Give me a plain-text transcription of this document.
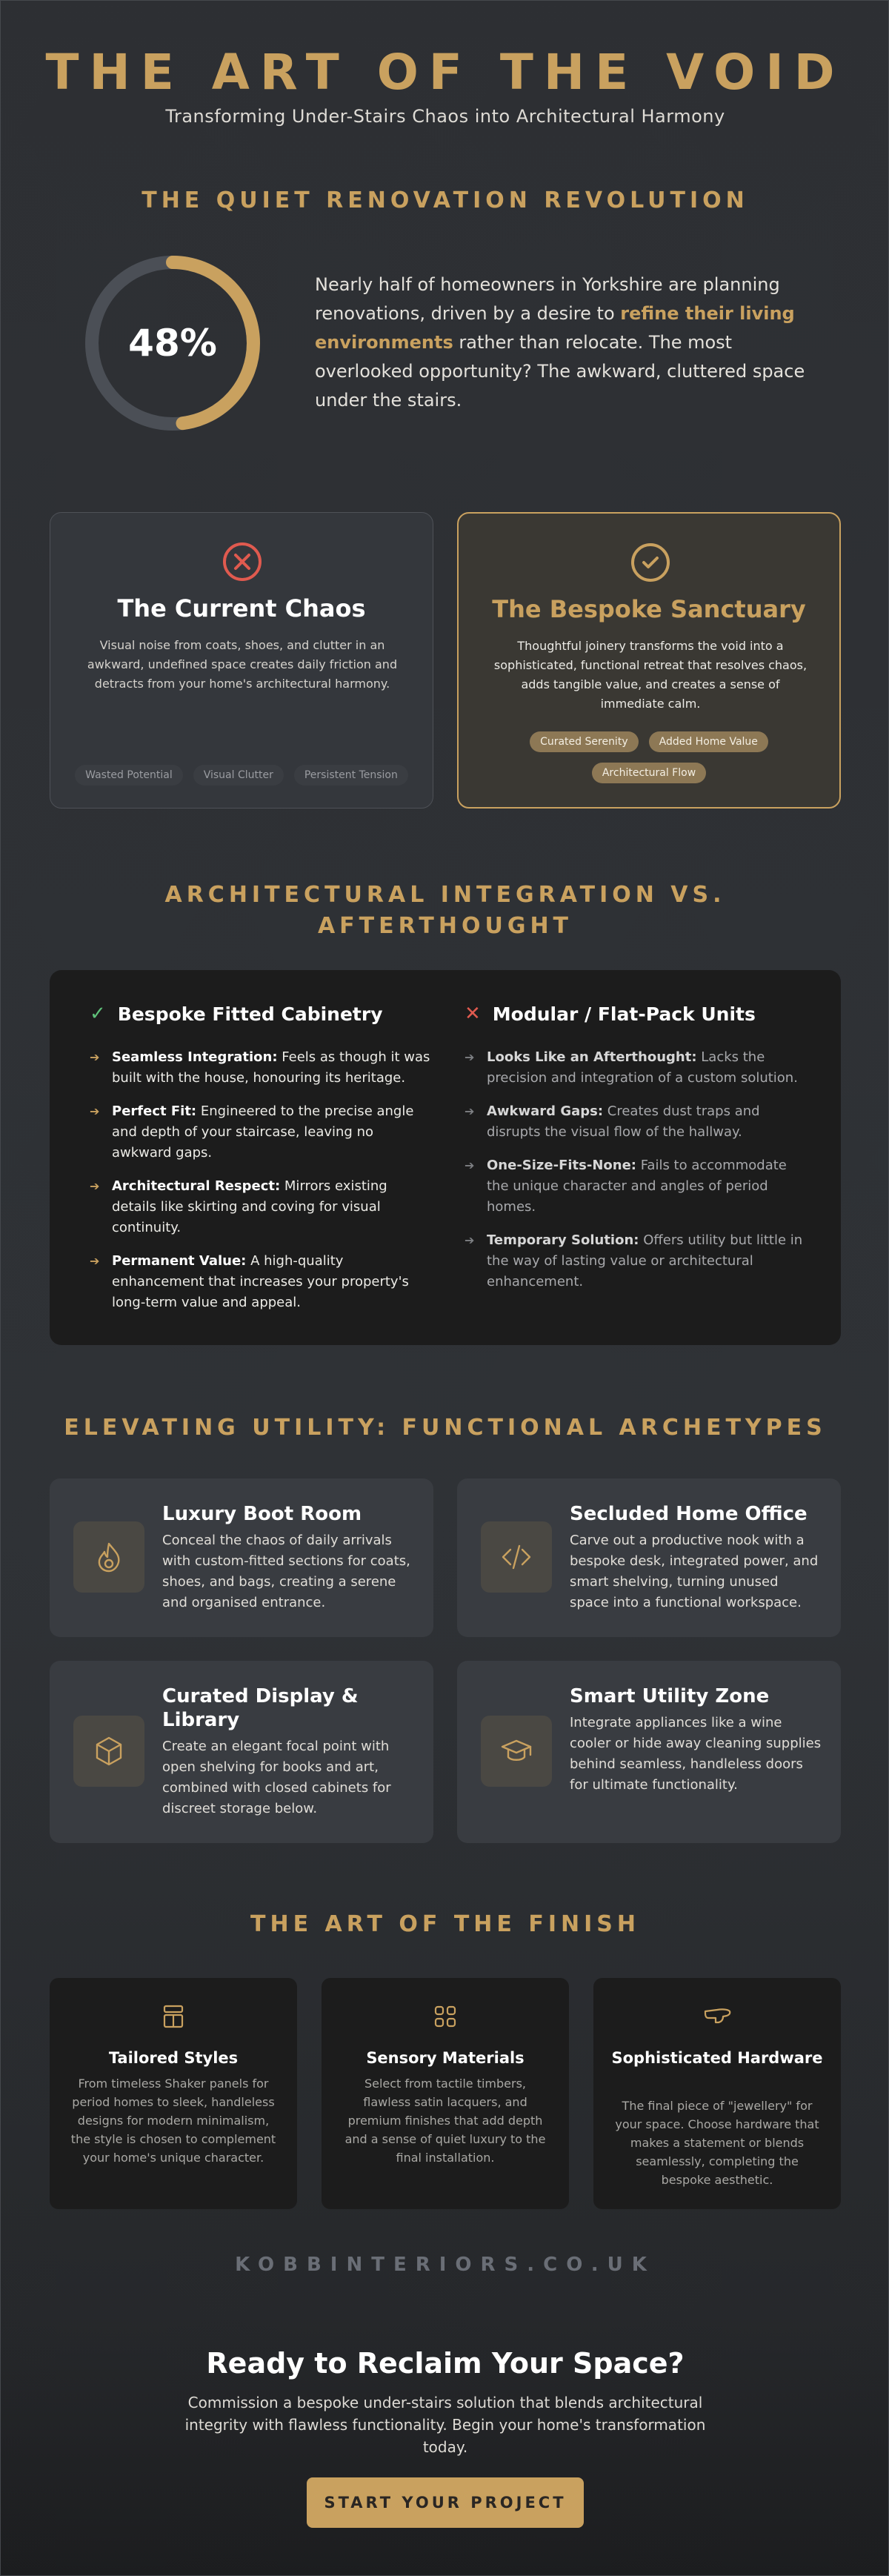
THE ART OF THE VOID
Transforming Under-Stairs Chaos into Architectural Harmony
THE QUIET RENOVATION REVOLUTION
48%

Nearly half of homeowners in Yorkshire are planning renovations, driven by a desire to refine their living environments rather than relocate. The most overlooked opportunity? The awkward, cluttered space under the stairs.

The Current Chaos

Visual noise from coats, shoes, and clutter in an awkward, undefined space creates daily friction and detracts from your home's architectural harmony.

Wasted Potential	Visual Clutter	Persistent Tension
The Bespoke Sanctuary

Thoughtful joinery transforms the void into a sophisticated, functional retreat that resolves chaos, adds tangible value, and creates a sense of immediate calm.

Curated Serenity	Added Home Value
Architectural Flow
ARCHITECTURAL INTEGRATION VS. AFTERTHOUGHT
✓ Bespoke Fitted Cabinetry
➔ Seamless Integration: Feels as though it was built with the house, honouring its heritage.
➔ Perfect Fit: Engineered to the precise angle and depth of your staircase, leaving no awkward gaps.
➔ Architectural Respect: Mirrors existing details like skirting and coving for visual continuity.
➔ Permanent Value: A high-quality enhancement that increases your property's long-term value and appeal.
✕ Modular / Flat-Pack Units
➔ Looks Like an Afterthought: Lacks the precision and integration of a custom solution.
➔ Awkward Gaps: Creates dust traps and disrupts the visual flow of the hallway.
➔ One-Size-Fits-None: Fails to accommodate the unique character and angles of period homes.
➔ Temporary Solution: Offers utility but little in the way of lasting value or architectural enhancement.
ELEVATING UTILITY: FUNCTIONAL ARCHETYPES
Luxury Boot Room

Conceal the chaos of daily arrivals with custom-fitted sections for coats, shoes, and bags, creating a serene and organised entrance.

Secluded Home Office

Carve out a productive nook with a bespoke desk, integrated power, and smart shelving, turning unused space into a functional workspace.

Curated Display & Library

Create an elegant focal point with open shelving for books and art, combined with closed cabinets for discreet storage below.

Smart Utility Zone

Integrate appliances like a wine cooler or hide away cleaning supplies behind seamless, handleless doors for ultimate functionality.

THE ART OF THE FINISH
Tailored Styles

From timeless Shaker panels for period homes to sleek, handleless designs for modern minimalism, the style is chosen to complement your home's unique character.

Sensory Materials

Select from tactile timbers, flawless satin lacquers, and premium finishes that add depth and a sense of quiet luxury to the final installation.

Sophisticated Hardware

The final piece of "jewellery" for your space. Choose hardware that makes a statement or blends seamlessly, completing the bespoke aesthetic.

KOBBINTERIORS.CO.UK
Ready to Reclaim Your Space?

Commission a bespoke under-stairs solution that blends architectural integrity with flawless functionality. Begin your home's transformation today.

START YOUR PROJECT
